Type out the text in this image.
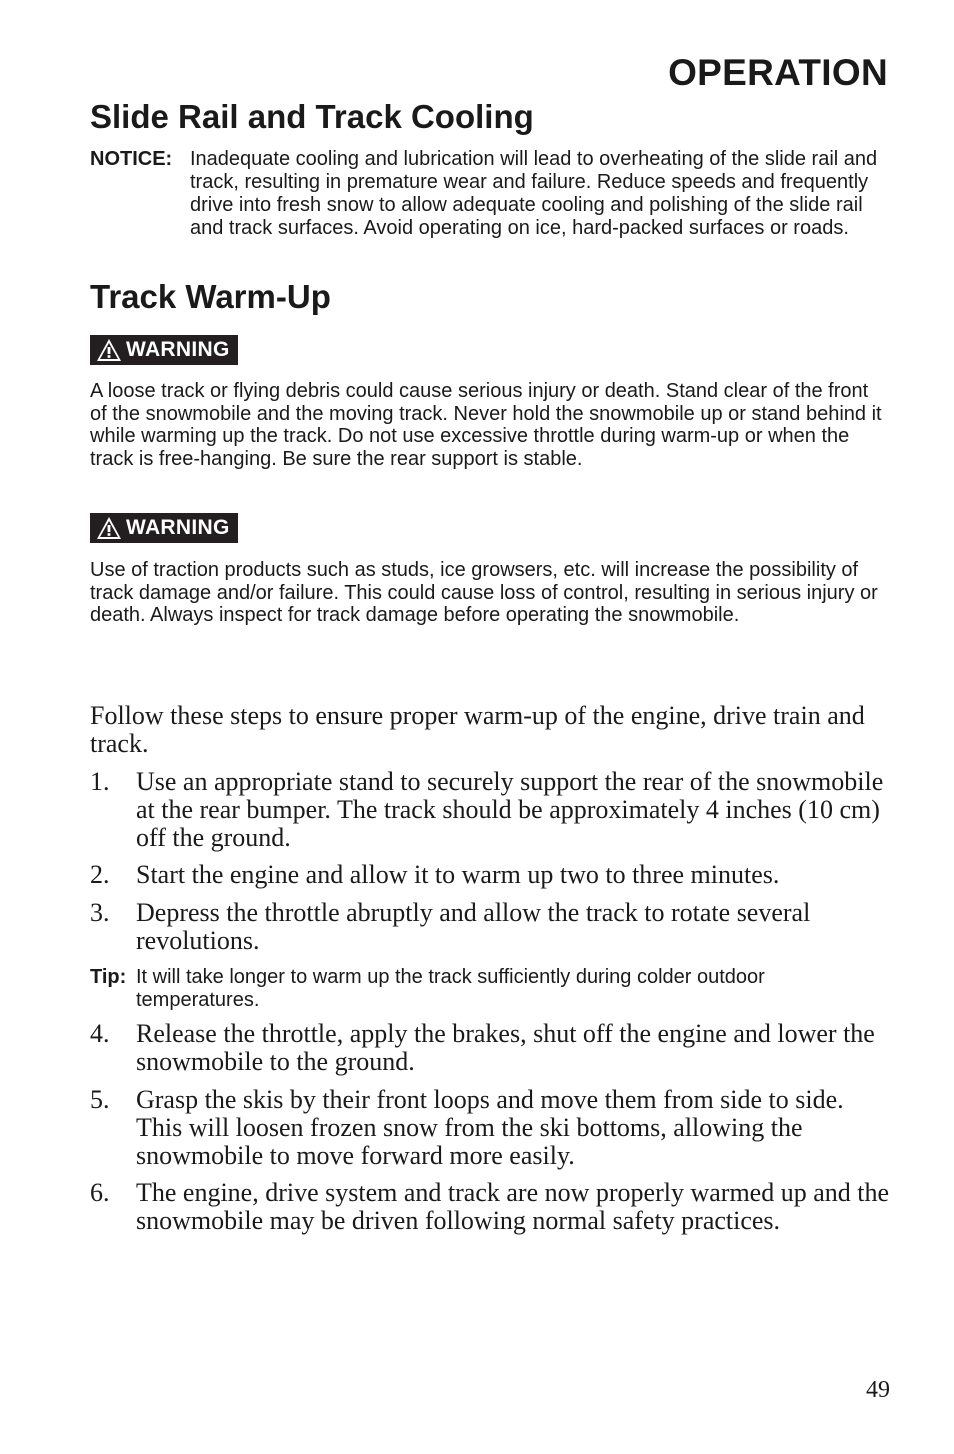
OPERATION
Slide Rail and Track Cooling
NOTICE: Inadequate cooling and lubrication will lead to overheating of the slide rail and track, resulting in premature wear and failure. Reduce speeds and frequently drive into fresh snow to allow adequate cooling and polishing of the slide rail and track surfaces. Avoid operating on ice, hard-packed surfaces or roads.
Track Warm-Up
WARNING
A loose track or flying debris could cause serious injury or death. Stand clear of the front of the snowmobile and the moving track. Never hold the snowmobile up or stand behind it while warming up the track. Do not use excessive throttle during warm-up or when the track is free-hanging. Be sure the rear support is stable.
WARNING
Use of traction products such as studs, ice growsers, etc. will increase the possibility of track damage and/or failure. This could cause loss of control, resulting in serious injury or death. Always inspect for track damage before operating the snowmobile.

Follow these steps to ensure proper warm-up of the engine, drive train and track.

1.	Use an appropriate stand to securely support the rear of the snowmobile at the rear bumper. The track should be approximately 4 inches (10 cm) off the ground.
2.	Start the engine and allow it to warm up two to three minutes.
3.	Depress the throttle abruptly and allow the track to rotate several revolutions.
Tip: It will take longer to warm up the track sufficiently during colder outdoor temperatures.
4.	Release the throttle, apply the brakes, shut off the engine and lower the snowmobile to the ground.
5.	Grasp the skis by their front loops and move them from side to side. This will loosen frozen snow from the ski bottoms, allowing the snowmobile to move forward more easily.
6.	The engine, drive system and track are now properly warmed up and the snowmobile may be driven following normal safety practices.
49
